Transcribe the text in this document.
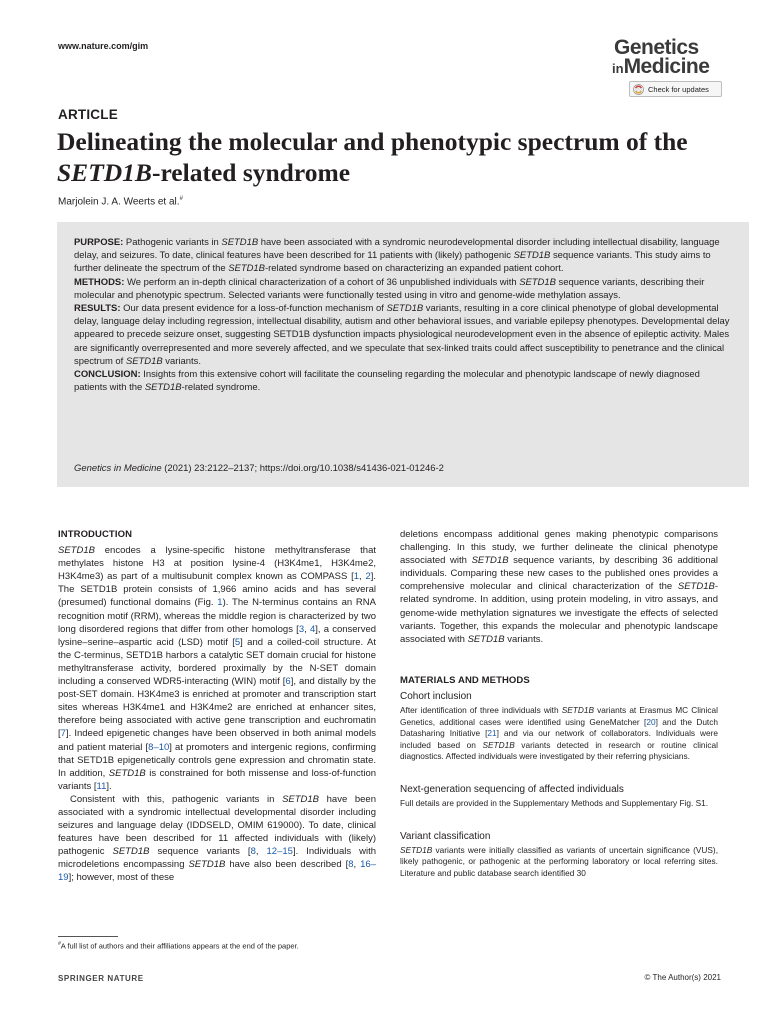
www.nature.com/gim	Genetics
inMedicine
Check for updates
ARTICLE
Delineating the molecular and phenotypic spectrum of the
SETD1B-related syndrome
Marjolein J. A. Weerts et al.#

PURPOSE: Pathogenic variants in SETD1B have been associated with a syndromic neurodevelopmental disorder including intellectual disability, language delay, and seizures. To date, clinical features have been described for 11 patients with (likely) pathogenic SETD1B sequence variants. This study aims to further delineate the spectrum of the SETD1B-related syndrome based on characterizing an expanded patient cohort.

METHODS: We perform an in-depth clinical characterization of a cohort of 36 unpublished individuals with SETD1B sequence variants, describing their molecular and phenotypic spectrum. Selected variants were functionally tested using in vitro and genome-wide methylation assays.

RESULTS: Our data present evidence for a loss-of-function mechanism of SETD1B variants, resulting in a core clinical phenotype of global developmental delay, language delay including regression, intellectual disability, autism and other behavioral issues, and variable epilepsy phenotypes. Developmental delay appeared to precede seizure onset, suggesting SETD1B dysfunction impacts physiological neurodevelopment even in the absence of epileptic activity. Males are significantly overrepresented and more severely affected, and we speculate that sex-linked traits could affect susceptibility to penetrance and the clinical spectrum of SETD1B variants.

CONCLUSION: Insights from this extensive cohort will facilitate the counseling regarding the molecular and phenotypic landscape of newly diagnosed patients with the SETD1B-related syndrome.

Genetics in Medicine (2021) 23:2122–2137; https://doi.org/10.1038/s41436-021-01246-2
INTRODUCTION

SETD1B encodes a lysine-specific histone methyltransferase that methylates histone H3 at position lysine-4 (H3K4me1, H3K4me2, H3K4me3) as part of a multisubunit complex known as COMPASS [1, 2]. The SETD1B protein consists of 1,966 amino acids and has several (presumed) functional domains (Fig. 1). The N-terminus contains an RNA recognition motif (RRM), whereas the middle region is characterized by two long disordered regions that differ from other homologs [3, 4], a conserved lysine–serine–aspartic acid (LSD) motif [5] and a coiled-coil structure. At the C-terminus, SETD1B harbors a catalytic SET domain crucial for histone methyltransferase activity, bordered proximally by the N-SET domain including a conserved WDR5-interacting (WIN) motif [6], and distally by the post-SET domain. H3K4me3 is enriched at promoter and transcription start sites whereas H3K4me1 and H3K4me2 are enriched at enhancer sites, therefore being associated with active gene transcription and euchromatin [7]. Indeed epigenetic changes have been observed in both animal models and patient material [8–10] at promoters and intergenic regions, confirming that SETD1B epigenetically controls gene expression and chromatin state. In addition, SETD1B is constrained for both missense and loss-of-function variants [11].

Consistent with this, pathogenic variants in SETD1B have been associated with a syndromic intellectual developmental disorder including seizures and language delay (IDDSELD, OMIM 619000). To date, clinical features have been described for 11 affected individuals with (likely) pathogenic SETD1B sequence variants [8, 12–15]. Individuals with microdeletions encompassing SETD1B have also been described [8, 16–19]; however, most of these

deletions encompass additional genes making phenotypic comparisons challenging. In this study, we further delineate the clinical phenotype associated with SETD1B sequence variants, by describing 36 additional individuals. Comparing these new cases to the published ones provides a comprehensive molecular and clinical characterization of the SETD1B-related syndrome. In addition, using protein modeling, in vitro assays, and genome-wide methylation signatures we investigate the effects of selected variants. Together, this expands the molecular and phenotypic landscape associated with SETD1B variants.

MATERIALS AND METHODS
Cohort inclusion

After identification of three individuals with SETD1B variants at Erasmus MC Clinical Genetics, additional cases were identified using GeneMatcher [20] and the Dutch Datasharing Initiative [21] and via our network of collaborators. Individuals were included based on SETD1B variants detected in research or routine clinical diagnostics. Affected individuals were investigated by their referring physicians.

Next-generation sequencing of affected individuals

Full details are provided in the Supplementary Methods and Supplementary Fig. S1.

Variant classification

SETD1B variants were initially classified as variants of uncertain significance (VUS), likely pathogenic, or pathogenic at the performing laboratory or local referring sites. Literature and public database search identified 30

#A full list of authors and their affiliations appears at the end of the paper.
SPRINGER NATURE	© The Author(s) 2021
